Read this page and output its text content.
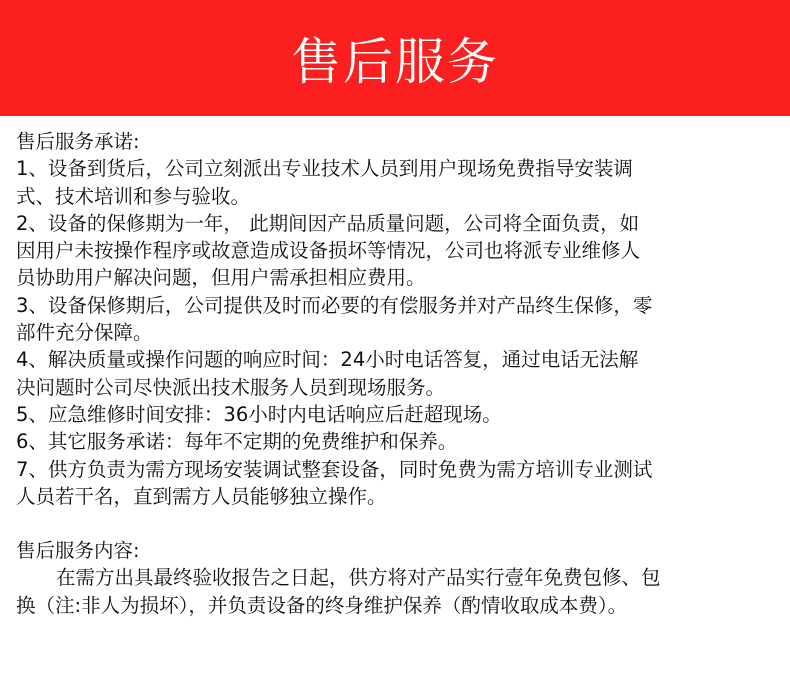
售后服务
售后服务承诺:
1、设备到货后，公司立刻派出专业技术人员到用户现场免费指导安装调
式、技术培训和参与验收。
2、设备的保修期为一年， 此期间因产品质量问题，公司将全面负责，如
因用户未按操作程序或故意造成设备损坏等情况，公司也将派专业维修人
员协助用户解决问题，但用户需承担相应费用。
3、设备保修期后，公司提供及时而必要的有偿服务并对产品终生保修，零
部件充分保障。
4、解决质量或操作问题的响应时间：24小时电话答复，通过电话无法解
决问题时公司尽快派出技术服务人员到现场服务。
5、应急维修时间安排：36小时内电话响应后赶超现场。
6、其它服务承诺：每年不定期的免费维护和保养。
7、供方负责为需方现场安装调试整套设备，同时免费为需方培训专业测试
人员若干名，直到需方人员能够独立操作。
售后服务内容:
在需方出具最终验收报告之日起，供方将对产品实行壹年免费包修、包
换（注:非人为损坏），并负责设备的终身维护保养（酌情收取成本费）。
